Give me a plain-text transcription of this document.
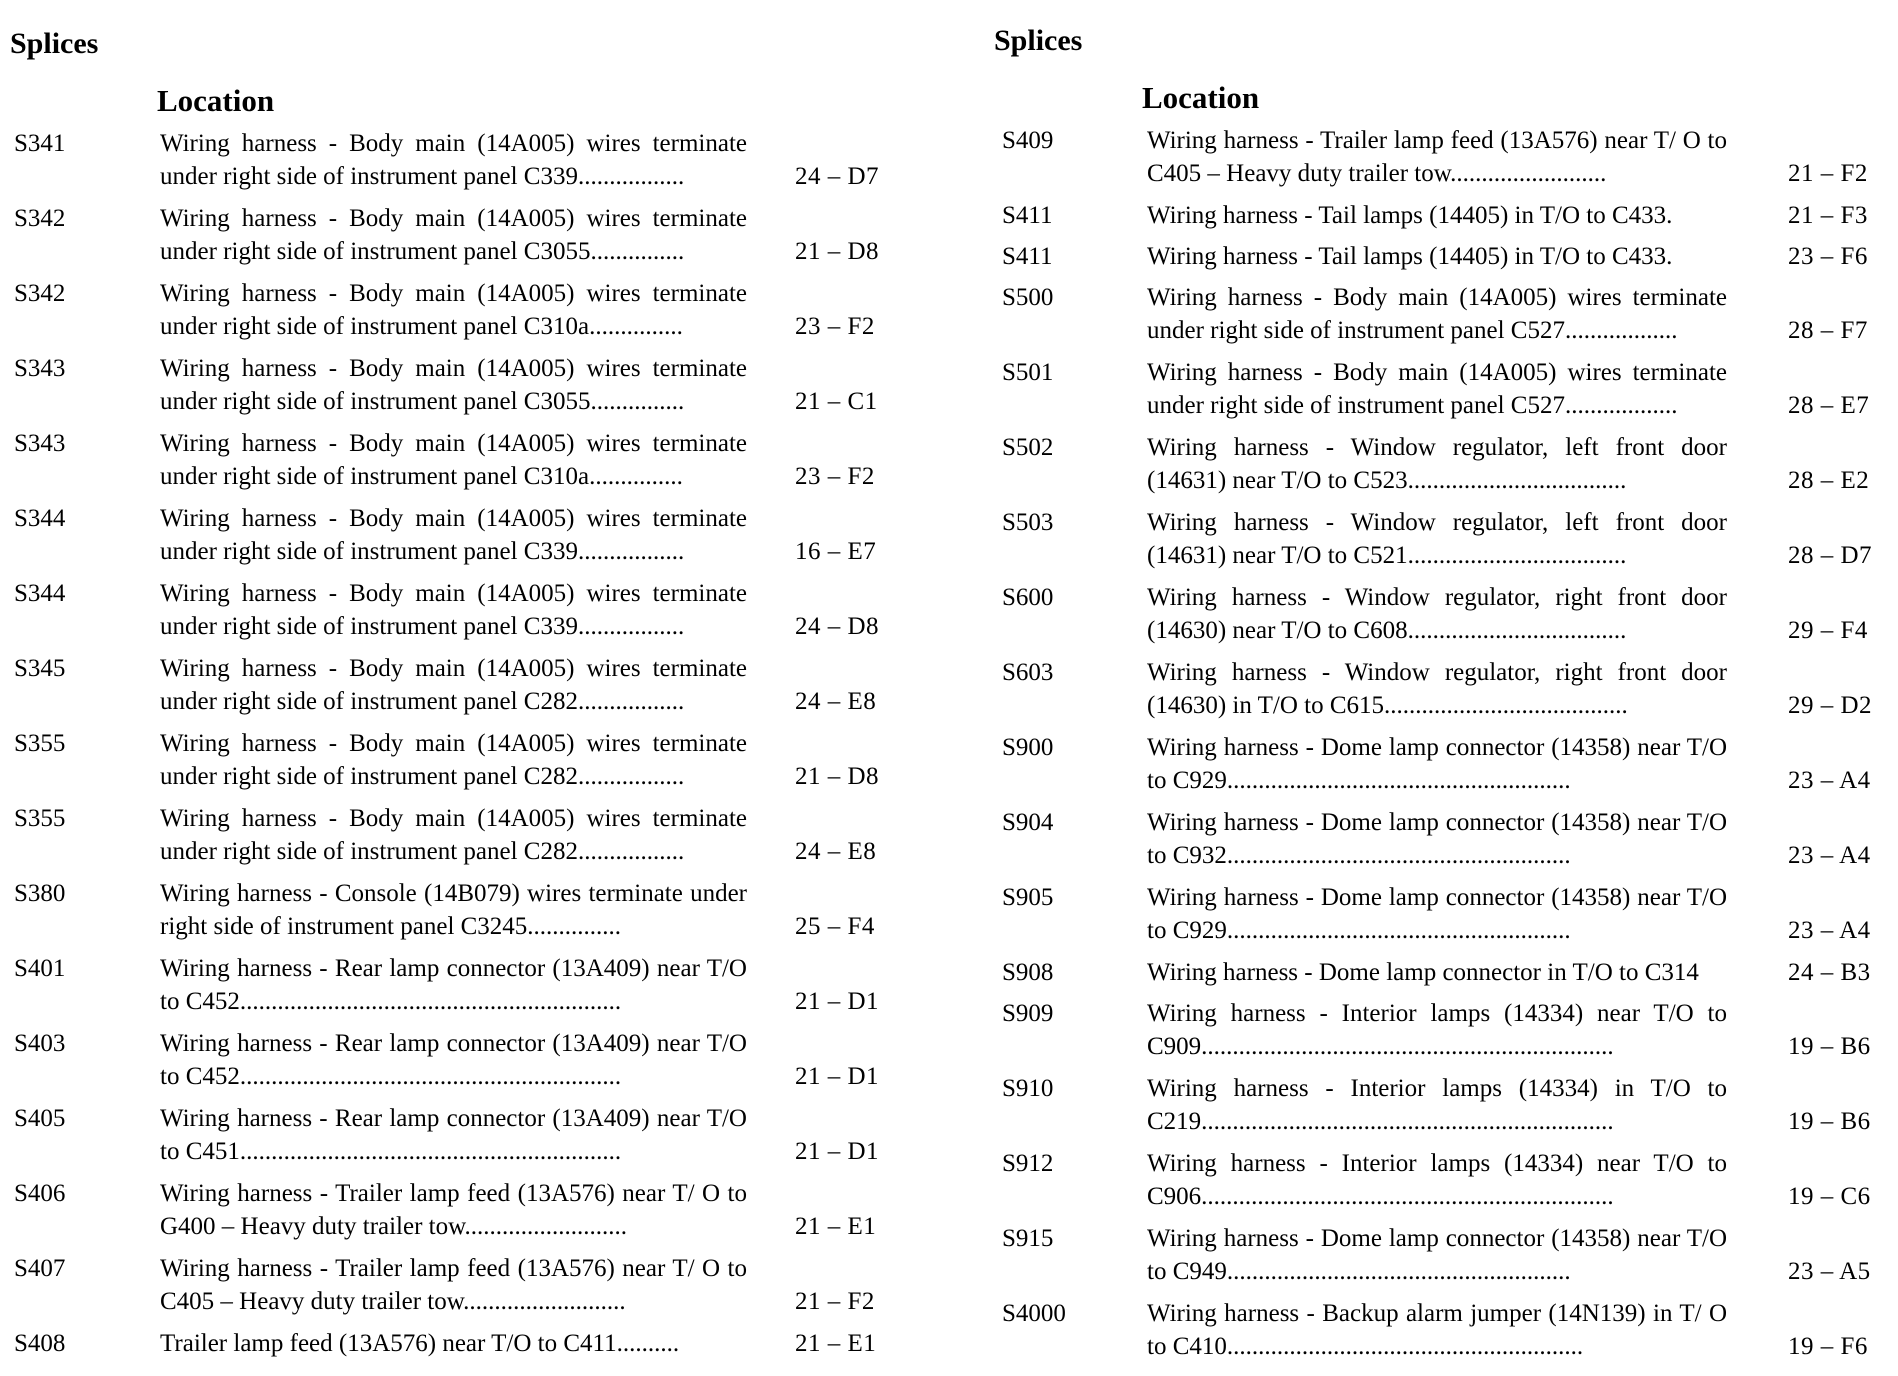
Splices
Location
S341	Wiring harness - Body main (14A005) wires terminate under right side of instrument panel C339.................	24 – D7
S342	Wiring harness - Body main (14A005) wires terminate under right side of instrument panel C3055...............	21 – D8
S342	Wiring harness - Body main (14A005) wires terminate under right side of instrument panel C310a...............	23 – F2
S343	Wiring harness - Body main (14A005) wires terminate under right side of instrument panel C3055...............	21 – C1
S343	Wiring harness - Body main (14A005) wires terminate under right side of instrument panel C310a...............	23 – F2
S344	Wiring harness - Body main (14A005) wires terminate under right side of instrument panel C339.................	16 – E7
S344	Wiring harness - Body main (14A005) wires terminate under right side of instrument panel C339.................	24 – D8
S345	Wiring harness - Body main (14A005) wires terminate under right side of instrument panel C282.................	24 – E8
S355	Wiring harness - Body main (14A005) wires terminate under right side of instrument panel C282.................	21 – D8
S355	Wiring harness - Body main (14A005) wires terminate under right side of instrument panel C282.................	24 – E8
S380	Wiring harness - Console (14B079) wires terminate under right side of instrument panel C3245...............	25 – F4
S401	Wiring harness - Rear lamp connector (13A409) near T/O to C452.............................................................	21 – D1
S403	Wiring harness - Rear lamp connector (13A409) near T/O to C452.............................................................	21 – D1
S405	Wiring harness - Rear lamp connector (13A409) near T/O to C451.............................................................	21 – D1
S406	Wiring harness - Trailer lamp feed (13A576) near T/ O to G400 – Heavy duty trailer tow..........................	21 – E1
S407	Wiring harness - Trailer lamp feed (13A576) near T/ O to C405 – Heavy duty trailer tow..........................	21 – F2
S408	Trailer lamp feed (13A576) near T/O to C411..........	21 – E1
Splices
Location
S409	Wiring harness - Trailer lamp feed (13A576) near T/ O to C405 – Heavy duty trailer tow.........................	21 – F2
S411	Wiring harness - Tail lamps (14405) in T/O to C433.	21 – F3
S411	Wiring harness - Tail lamps (14405) in T/O to C433.	23 – F6
S500	Wiring harness - Body main (14A005) wires terminate under right side of instrument panel C527..................	28 – F7
S501	Wiring harness - Body main (14A005) wires terminate under right side of instrument panel C527..................	28 – E7
S502	Wiring harness - Window regulator, left front door (14631) near T/O to C523...................................	28 – E2
S503	Wiring harness - Window regulator, left front door (14631) near T/O to C521...................................	28 – D7
S600	Wiring harness - Window regulator, right front door (14630) near T/O to C608...................................	29 – F4
S603	Wiring harness - Window regulator, right front door (14630) in T/O to C615.......................................	29 – D2
S900	Wiring harness - Dome lamp connector (14358) near T/O to C929.......................................................	23 – A4
S904	Wiring harness - Dome lamp connector (14358) near T/O to C932.......................................................	23 – A4
S905	Wiring harness - Dome lamp connector (14358) near T/O to C929.......................................................	23 – A4
S908	Wiring harness - Dome lamp connector in T/O to C314	24 – B3
S909	Wiring harness - Interior lamps (14334) near T/O to C909..................................................................	19 – B6
S910	Wiring harness - Interior lamps (14334) in T/O to C219..................................................................	19 – B6
S912	Wiring harness - Interior lamps (14334) near T/O to C906..................................................................	19 – C6
S915	Wiring harness - Dome lamp connector (14358) near T/O to C949.......................................................	23 – A5
S4000	Wiring harness - Backup alarm jumper (14N139) in T/ O to C410.........................................................	19 – F6
